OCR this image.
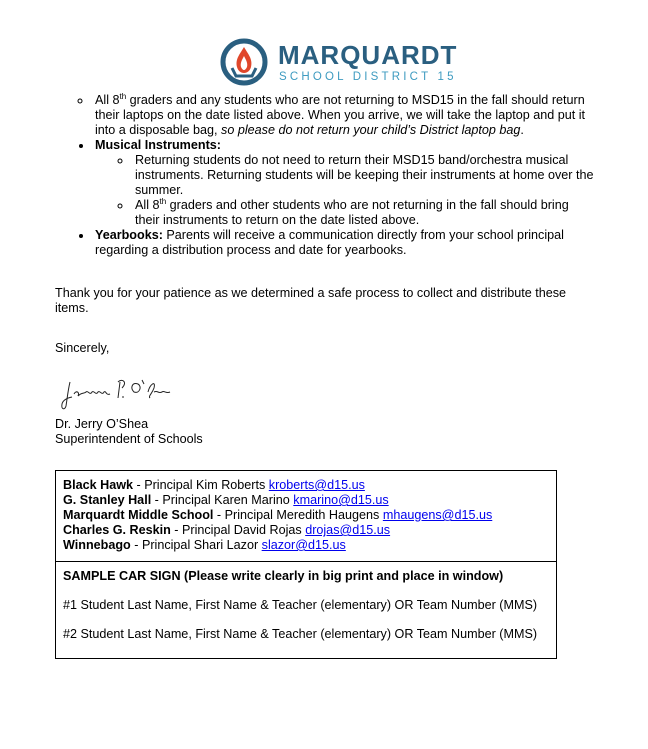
MARQUARDT
SCHOOL DISTRICT 15
◦ All 8th graders and any students who are not returning to MSD15 in the fall should return their laptops on the date listed above. When you arrive, we will take the laptop and put it into a disposable bag, so please do not return your child’s District laptop bag.
• Musical Instruments:
◦ Returning students do not need to return their MSD15 band/orchestra musical instruments. Returning students will be keeping their instruments at home over the summer.
◦ All 8th graders and other students who are not returning in the fall should bring their instruments to return on the date listed above.
• Yearbooks: Parents will receive a communication directly from your school principal regarding a distribution process and date for yearbooks.

Thank you for your patience as we determined a safe process to collect and distribute these items.

Sincerely,

Dr. Jerry O’Shea
Superintendent of Schools
Black Hawk - Principal Kim Roberts kroberts@d15.us
G. Stanley Hall - Principal Karen Marino kmarino@d15.us
Marquardt Middle School - Principal Meredith Haugens mhaugens@d15.us
Charles G. Reskin - Principal David Rojas drojas@d15.us
Winnebago - Principal Shari Lazor slazor@d15.us
SAMPLE CAR SIGN (Please write clearly in big print and place in window)
#1 Student Last Name, First Name & Teacher (elementary) OR Team Number (MMS)
#2 Student Last Name, First Name & Teacher (elementary) OR Team Number (MMS)
